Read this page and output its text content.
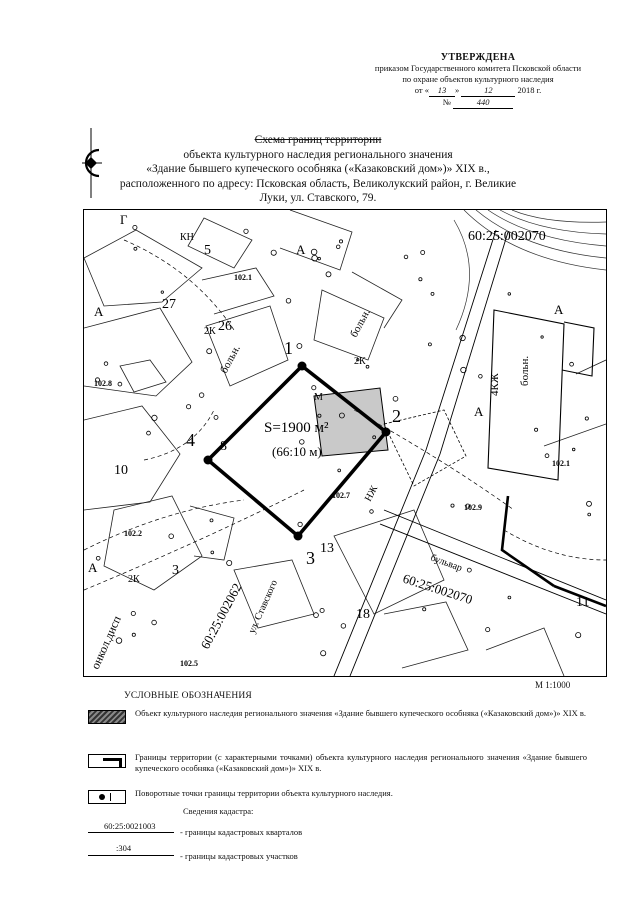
УТВЕРЖДЕНА
приказом Государственного комитета Псковской области
по охране объектов культурного наследия
от « 13 »	12	2018 г.
№	440
Схема границ территории
объекта культурного наследия регионального значения
«Здание бывшего купеческого особняка («Казаковский дом»)» XIX в.,
расположенного по адресу: Псковская область, Великолукский район, г. Великие
Луки, ул. Ставского, 79.
1
2
3
4
S=1900 м²
(66:10 м)
60:25:002070
60:25:002070
60:25:002062 ул. Ставского
бульвар
онкол.дисп
4КЖ больн.
больн.
больн.
2К
2К
2К
КН
М
НЖ
Г
А
А
А
А
А
5
27
26
8
10
13
18
11
3
102.1
102.8
102.2
102.1
102.5
102.7
102.9
М 1:1000
УСЛОВНЫЕ ОБОЗНАЧЕНИЯ
Объект культурного наследия регионального значения «Здание бывшего купеческого особняка («Казаковский дом»)» XIX в.
Границы территории (с характерными точками) объекта культурного наследия регионального значения «Здание бывшего купеческого особняка («Казаковский дом»)» XIX в.
Поворотные точки границы территории объекта культурного наследия.
Сведения кадастра:
60:25:0021003
- границы кадастровых кварталов
:304
- границы кадастровых участков
